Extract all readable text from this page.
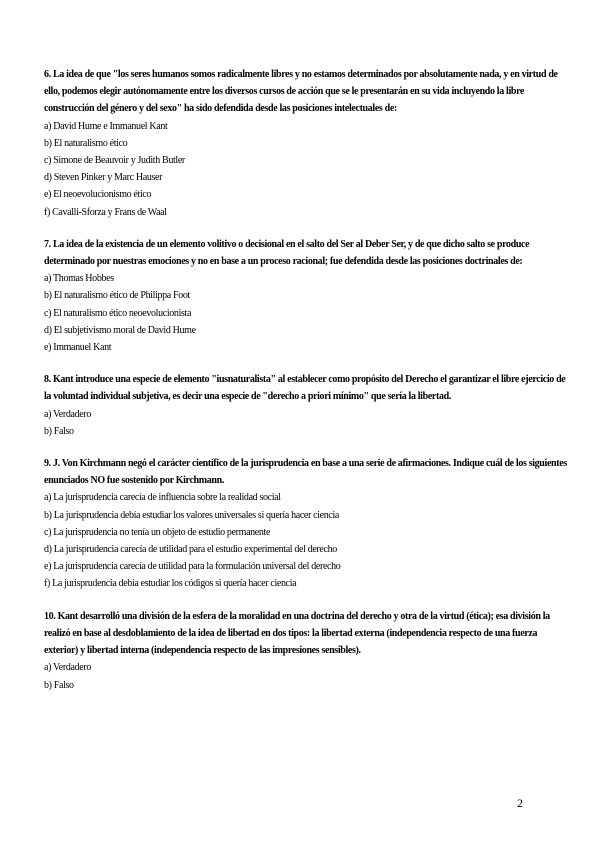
6. La idea de que "los seres humanos somos radicalmente libres y no estamos determinados por absolutamente nada, y en virtud de ello, podemos elegir autónomamente entre los diversos cursos de acción que se le presentarán en su vida incluyendo la libre construcción del género y del sexo" ha sido defendida desde las posiciones intelectuales de:

a) David Hume e Immanuel Kant

b) El naturalismo ético

c) Simone de Beauvoir y Judith Butler

d) Steven Pinker y Marc Hauser

e) El neoevolucionismo ético

f) Cavalli-Sforza y Frans de Waal

7. La idea de la existencia de un elemento volitivo o decisional en el salto del Ser al Deber Ser, y de que dicho salto se produce determinado por nuestras emociones y no en base a un proceso racional; fue defendida desde las posiciones doctrinales de:

a) Thomas Hobbes

b) El naturalismo ético de Philippa Foot

c) El naturalismo ético neoevolucionista

d) El subjetivismo moral de David Hume

e) Immanuel Kant

8. Kant introduce una especie de elemento "iusnaturalista" al establecer como propósito del Derecho el garantizar el libre ejercicio de la voluntad individual subjetiva, es decir una especie de "derecho a priori mínimo" que sería la libertad.

a) Verdadero

b) Falso

9. J. Von Kirchmann negó el carácter científico de la jurisprudencia en base a una serie de afirmaciones. Indique cuál de los siguientes enunciados NO fue sostenido por Kirchmann.

a) La jurisprudencia carecía de influencia sobre la realidad social

b) La jurisprudencia debía estudiar los valores universales si quería hacer ciencia

c) La jurisprudencia no tenía un objeto de estudio permanente

d) La jurisprudencia carecía de utilidad para el estudio experimental del derecho

e) La jurisprudencia carecía de utilidad para la formulación universal del derecho

f) La jurisprudencia debía estudiar los códigos si quería hacer ciencia

10. Kant desarrolló una división de la esfera de la moralidad en una doctrina del derecho y otra de la virtud (ética); esa división la realizó en base al desdoblamiento de la idea de libertad en dos tipos: la libertad externa (independencia respecto de una fuerza exterior) y libertad interna (independencia respecto de las impresiones sensibles).

a) Verdadero

b) Falso

2
